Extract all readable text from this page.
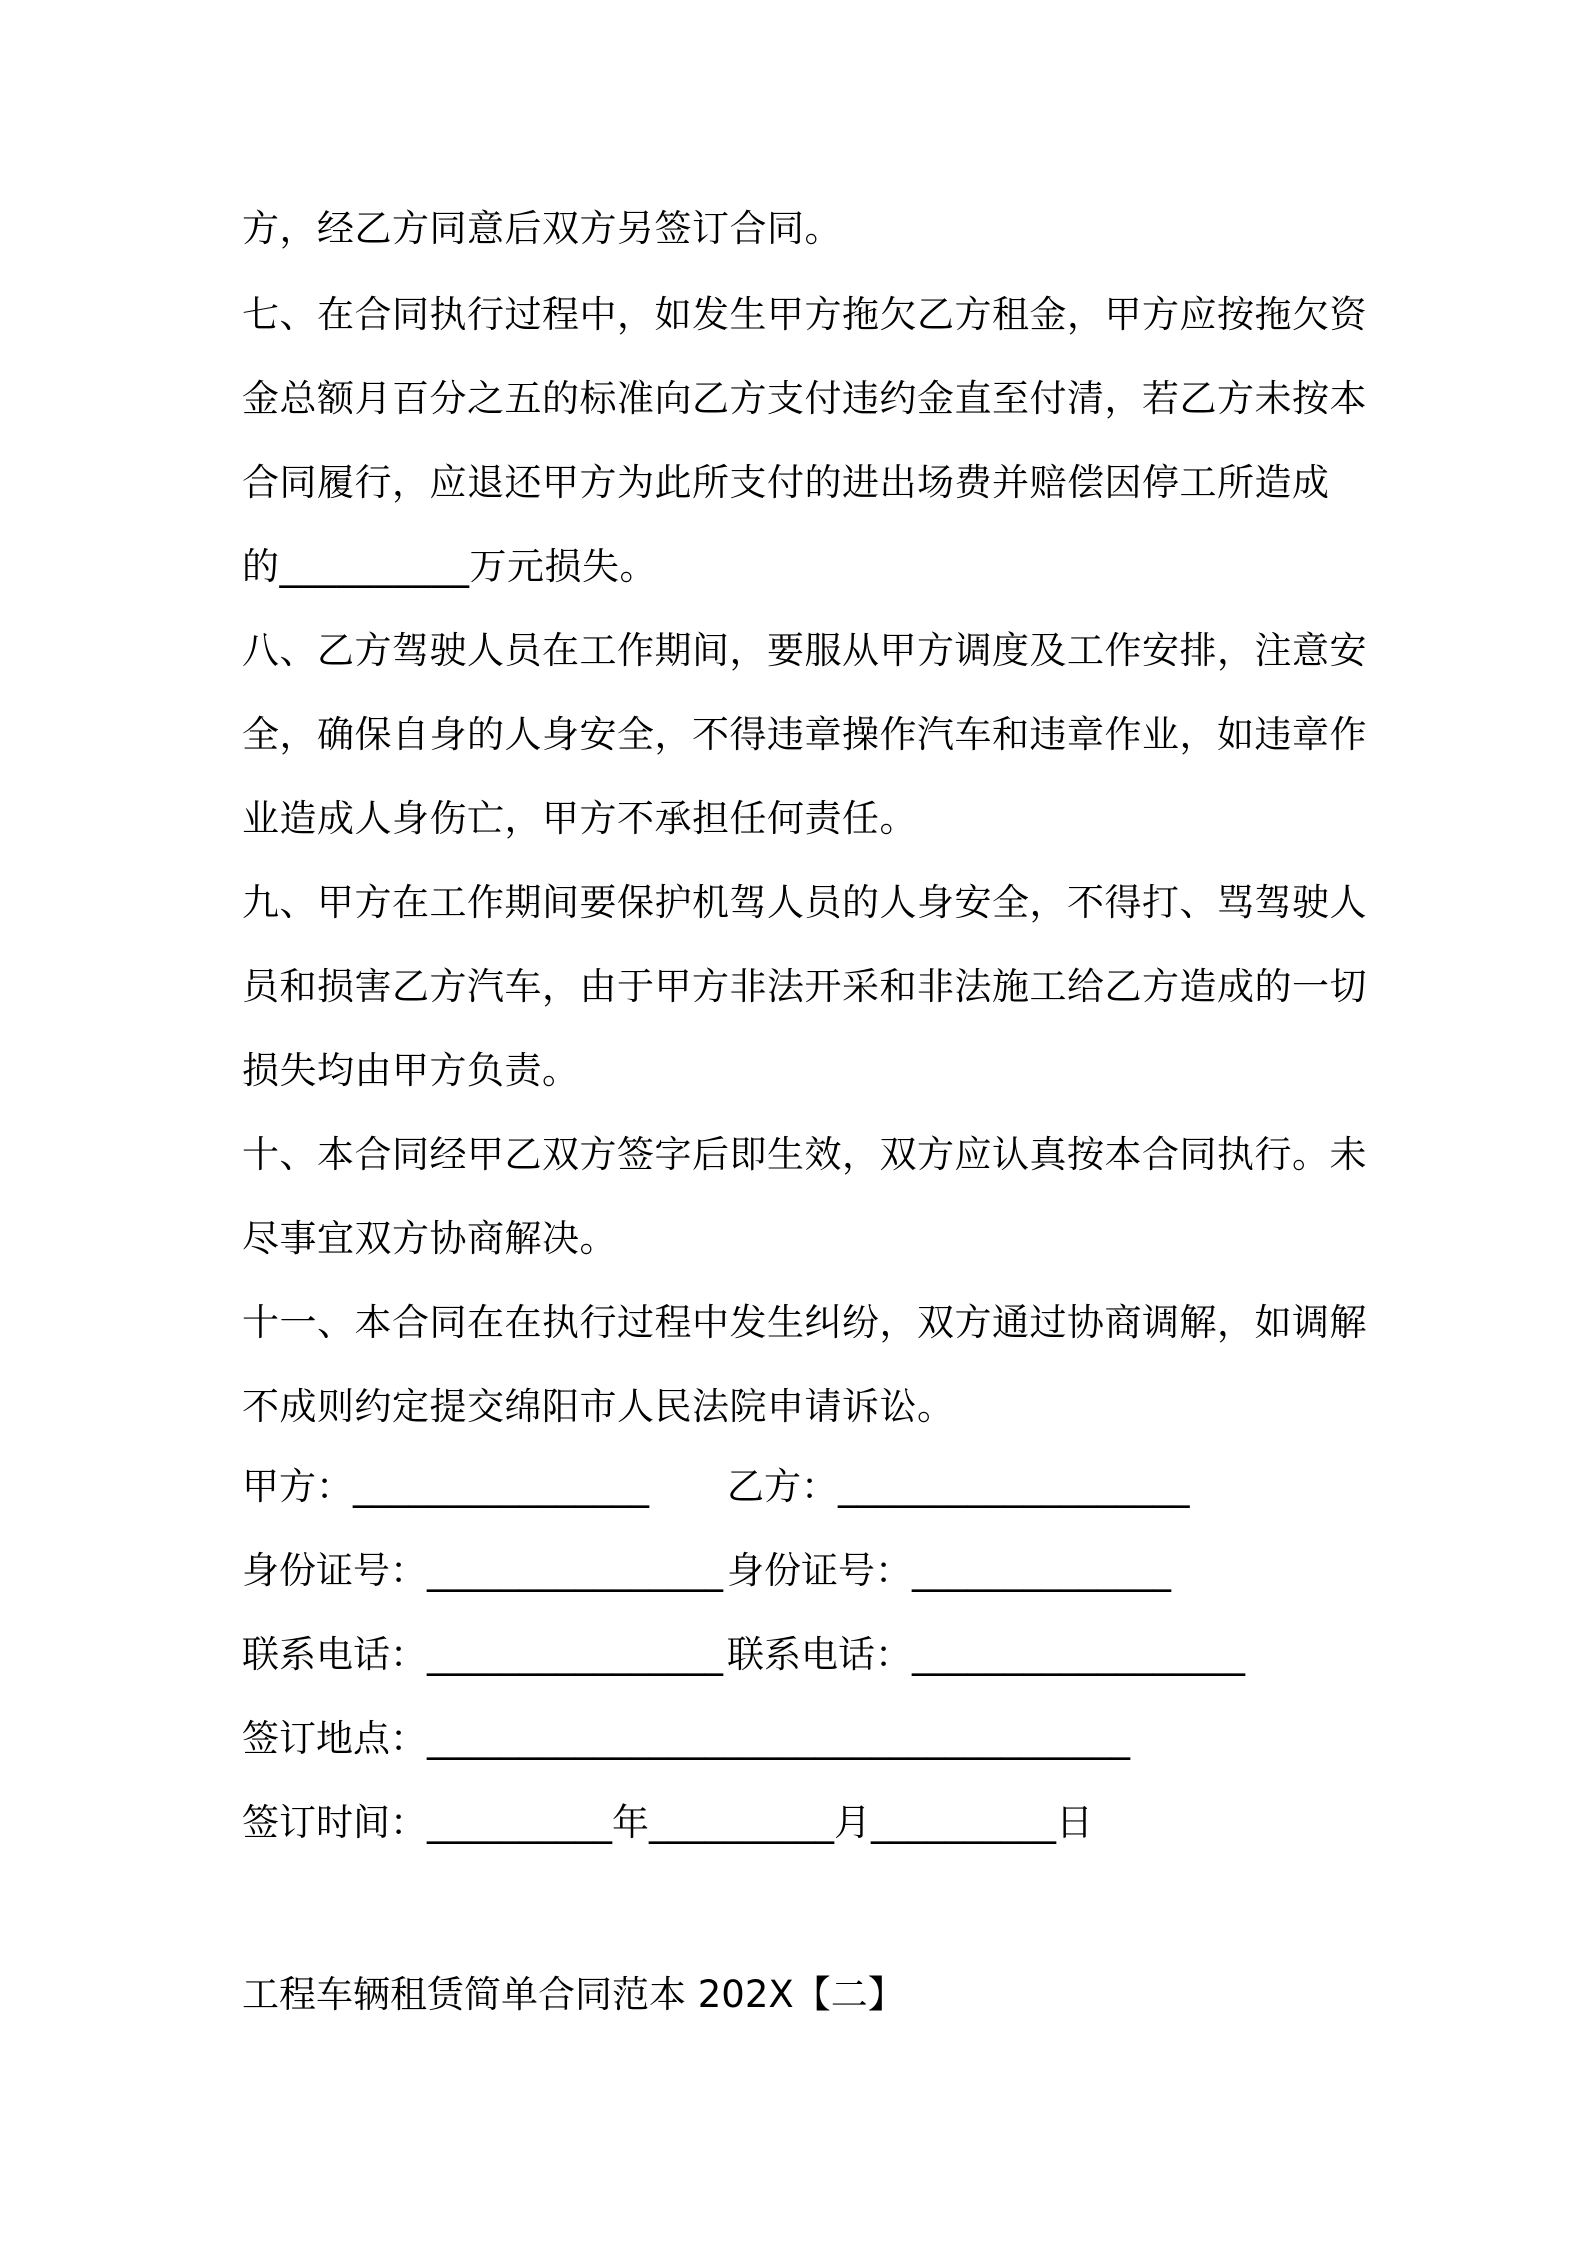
方，经乙方同意后双方另签订合同。
七、在合同执行过程中，如发生甲方拖欠乙方租金，甲方应按拖欠资
金总额月百分之五的标准向乙方支付违约金直至付清，若乙方未按本
合同履行，应退还甲方为此所支付的进出场费并赔偿因停工所造成
的__________万元损失。
八、乙方驾驶人员在工作期间，要服从甲方调度及工作安排，注意安
全，确保自身的人身安全，不得违章操作汽车和违章作业，如违章作
业造成人身伤亡，甲方不承担任何责任。
九、甲方在工作期间要保护机驾人员的人身安全，不得打、骂驾驶人
员和损害乙方汽车，由于甲方非法开采和非法施工给乙方造成的一切
损失均由甲方负责。
十、本合同经甲乙双方签字后即生效，双方应认真按本合同执行。未
尽事宜双方协商解决。
十一、本合同在在执行过程中发生纠纷，双方通过协商调解，如调解
不成则约定提交绵阳市人民法院申请诉讼。
甲方：________________ 乙方：___________________
身份证号：________________ 身份证号：______________
联系电话：________________ 联系电话：__________________
签订地点：______________________________________
签订时间：__________年__________月__________日
工程车辆租赁简单合同范本 202X【二】
